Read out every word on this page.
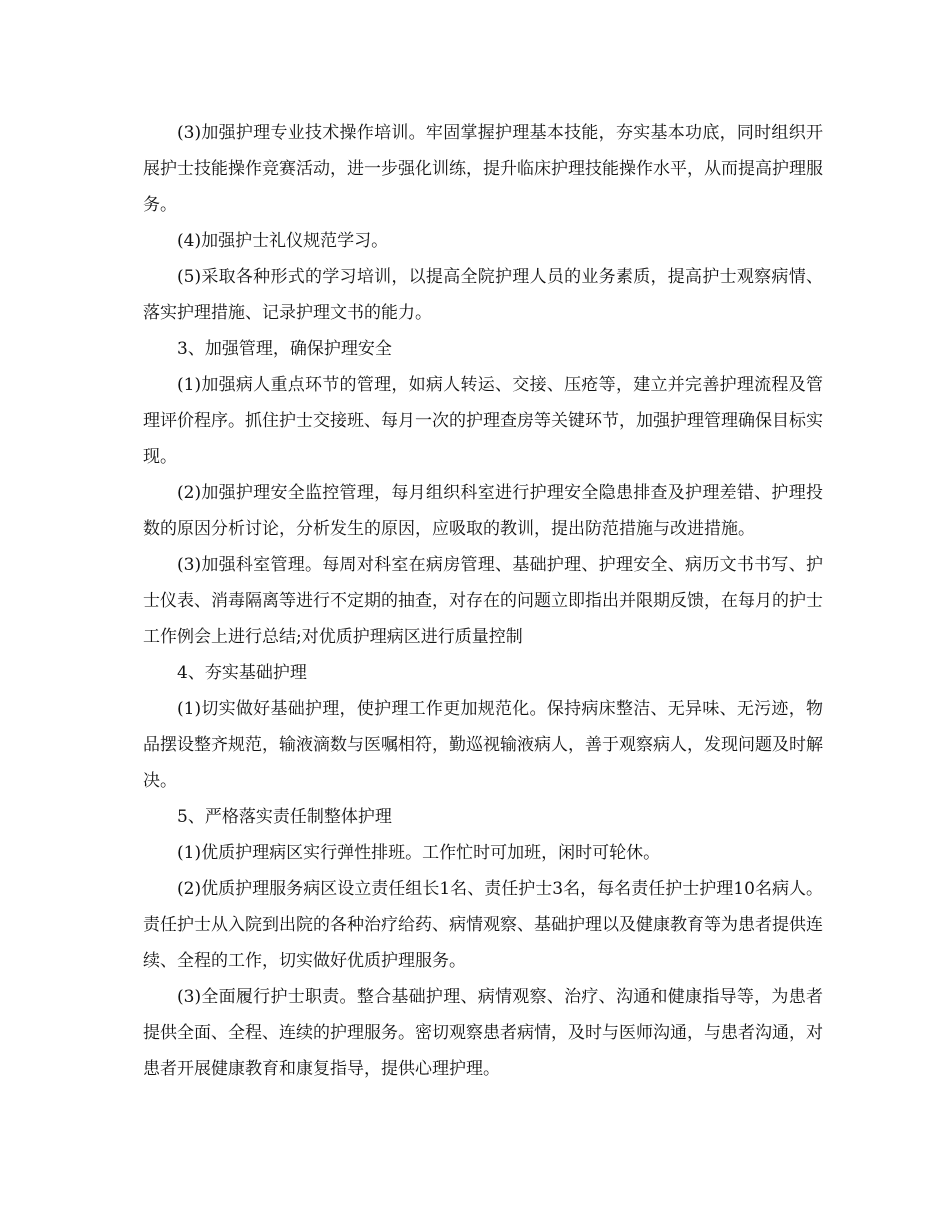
(3)加强护理专业技术操作培训。牢固掌握护理基本技能，夯实基本功底，同时组织开展护士技能操作竞赛活动，进一步强化训练，提升临床护理技能操作水平，从而提高护理服务。

(4)加强护士礼仪规范学习。

(5)采取各种形式的学习培训，以提高全院护理人员的业务素质，提高护士观察病情、落实护理措施、记录护理文书的能力。

3、加强管理，确保护理安全

(1)加强病人重点环节的管理，如病人转运、交接、压疮等，建立并完善护理流程及管理评价程序。抓住护士交接班、每月一次的护理查房等关键环节，加强护理管理确保目标实现。

(2)加强护理安全监控管理，每月组织科室进行护理安全隐患排查及护理差错、护理投数的原因分析讨论，分析发生的原因，应吸取的教训，提出防范措施与改进措施。

(3)加强科室管理。每周对科室在病房管理、基础护理、护理安全、病历文书书写、护士仪表、消毒隔离等进行不定期的抽查，对存在的问题立即指出并限期反馈，在每月的护士工作例会上进行总结;对优质护理病区进行质量控制

4、夯实基础护理

(1)切实做好基础护理，使护理工作更加规范化。保持病床整洁、无异味、无污迹，物品摆设整齐规范，输液滴数与医嘱相符，勤巡视输液病人，善于观察病人，发现问题及时解决。

5、严格落实责任制整体护理

(1)优质护理病区实行弹性排班。工作忙时可加班，闲时可轮休。

(2)优质护理服务病区设立责任组长1名、责任护士3名，每名责任护士护理10名病人。责任护士从入院到出院的各种治疗给药、病情观察、基础护理以及健康教育等为患者提供连续、全程的工作，切实做好优质护理服务。

(3)全面履行护士职责。整合基础护理、病情观察、治疗、沟通和健康指导等，为患者提供全面、全程、连续的护理服务。密切观察患者病情，及时与医师沟通，与患者沟通，对患者开展健康教育和康复指导，提供心理护理。
